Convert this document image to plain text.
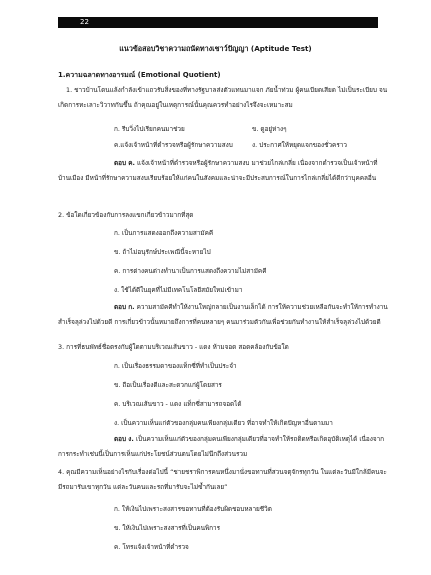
22
แนวข้อสอบวิชาความถนัดทางเชาว์ปัญญา (Aptitude Test)
1.ความฉลาดทางอารมณ์ (Emotional Quotient)
1. ชาวบ้านโดนแล้งกำลังเข้าแถวรับสิ่งของที่ทางรัฐบาลส่งตัวแทนมาแจก ภัยน้ำท่วม ผู้คนเบียดเสียด ไม่เป็นระเบียบ จนเกิดการทะเลาะวิวาทกันขึ้น ถ้าคุณอยู่ในเหตุการณ์นั้นคุณควรทำอย่างไรจึงจะเหมาะสม
ก. รีบวิ่งไปเรียกคนมาช่วย	ข. ดูอยู่ห่างๆ
ค.แจ้งเจ้าหน้าที่ตำรวจหรือผู้รักษาความสงบ	ง. ประกาศให้หยุดแจกของชั่วคราว
ตอบ ค. แจ้งเจ้าหน้าที่ตำรวจหรือผู้รักษาความสงบ มาช่วยไกล่เกลี่ย เนื่องจากตำรวจเป็นเจ้าหน้าที่บ้านเมือง มีหน้าที่รักษาความสงบเรียบร้อยให้แก่คนในสังคมและน่าจะมีประสบการณ์ในการไกล่เกลี่ยได้ดีกว่าบุคคลอื่น
2. ข้อใดเกี่ยวข้องกับการลงแขกเกี่ยวข้าวมากที่สุด
ก. เป็นการแสดงออกถึงความสามัคคี
ข. ถ้าไม่อนุรักษ์ประเพณีนี้จะหายไป
ค. การต่างคนต่างทำนาเป็นการแสดงถึงความไม่สามัคคี
ง. ใช้ได้ดีในยุคที่ไม่มีเทคโนโลยีสมัยใหม่เข้ามา
ตอบ ก. ความสามัคคีทำให้งานใหญ่กลายเป็นงานเล็กได้ การให้ความช่วยเหลือกันจะทำให้การทำงานสำเร็จลุล่วงไปด้วยดี การเกี่ยวข้าวนั้นหมายถึงการที่คนหลายๆ คนมาร่วมตัวกันเพื่อช่วยกันทำงานให้สำเร็จลุล่วงไปด้วยดี
3. การที่ธนพัทธ์ชื่อตรงกับผู้ใดตามบริเวณเส้นขาว - แดง ห้ามจอด สอดคล้องกับข้อใด
ก. เป็นเรื่องธรรมดาของแท็กซี่ที่ทำเป็นประจำ
ข. ถือเป็นเรื่องดีและสะดวกแก่ผู้โดยสาร
ค. บริเวณเส้นขาว - แดง แท็กซี่สามารถจอดได้
ง. เป็นความเห็นแก่ตัวของกลุ่มคนเพียงกลุ่มเดียว ที่อาจทำให้เกิดปัญหาอื่นตามมา
ตอบ ง. เป็นความเห็นแก่ตัวของกลุ่มคนเพียงกลุ่มเดียวที่อาจทำให้รถติดหรือเกิดอุบัติเหตุได้ เนื่องจากการกระทำเช่นนี้เป็นการเห็นแก่ประโยชน์ส่วนตนโดยไม่นึกถึงส่วนรวม
4. คุณมีความเห็นอย่างไรกับเรื่องต่อไปนี้ “ชายชราพิการคนหนึ่งมานั่งขอทานที่สวนจตุจักรทุกวัน ในแต่ละวันมีใกล้มีคนจะมีรถมารับเขาทุกวัน แต่ละวันคนและรถที่มารับจะไม่ซ้ำกันเลย”
ก. ให้เงินไปเพราะสงสารขอทานที่ต้องรับผิดชอบหลายชีวิต
ข. ให้เงินไปเพราะสงสารที่เป็นคนพิการ
ค. โทรแจ้งเจ้าหน้าที่ตำรวจ
